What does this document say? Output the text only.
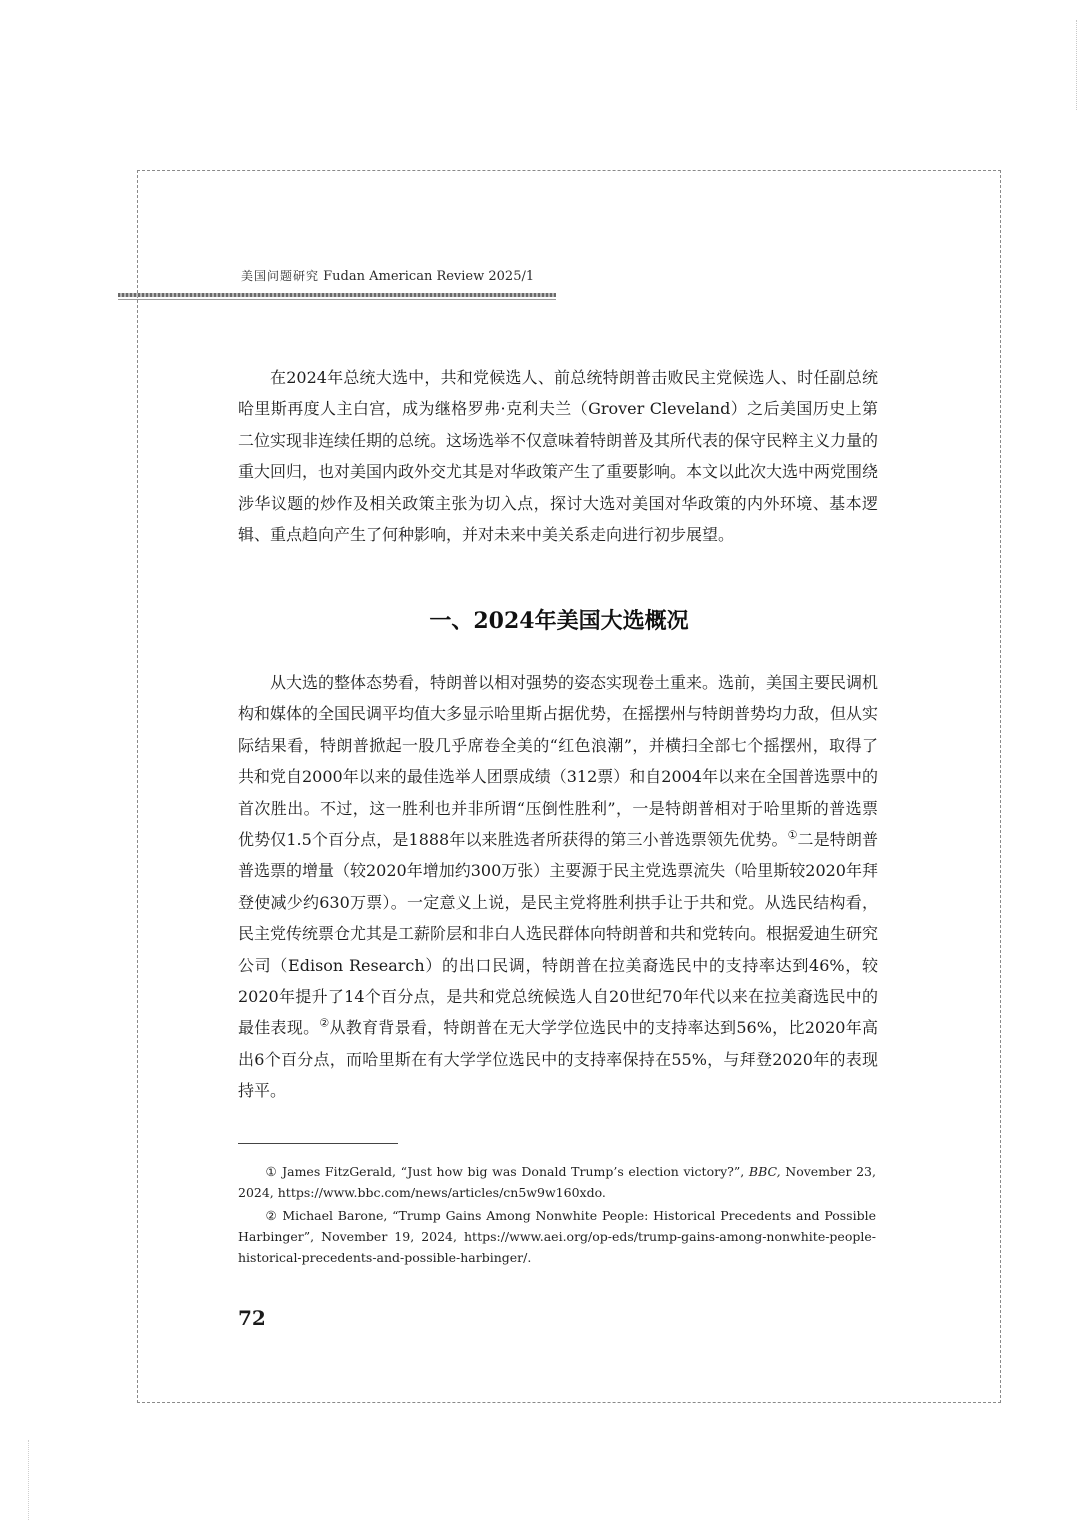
美国问题研究 Fudan American Review 2025/1

在2024年总统大选中，共和党候选人、前总统特朗普击败民主党候选人、时任副总统哈里斯再度人主白宫，成为继格罗弗·克利夫兰（Grover Cleveland）之后美国历史上第二位实现非连续任期的总统。这场选举不仅意味着特朗普及其所代表的保守民粹主义力量的重大回归，也对美国内政外交尤其是对华政策产生了重要影响。本文以此次大选中两党围绕涉华议题的炒作及相关政策主张为切入点，探讨大选对美国对华政策的内外环境、基本逻辑、重点趋向产生了何种影响，并对未来中美关系走向进行初步展望。

一、2024年美国大选概况

从大选的整体态势看，特朗普以相对强势的姿态实现卷土重来。选前，美国主要民调机构和媒体的全国民调平均值大多显示哈里斯占据优势，在摇摆州与特朗普势均力敌，但从实际结果看，特朗普掀起一股几乎席卷全美的“红色浪潮”，并横扫全部七个摇摆州，取得了共和党自2000年以来的最佳选举人团票成绩（312票）和自2004年以来在全国普选票中的首次胜出。不过，这一胜利也并非所谓“压倒性胜利”，一是特朗普相对于哈里斯的普选票优势仅1.5个百分点，是1888年以来胜选者所获得的第三小普选票领先优势。①二是特朗普普选票的增量（较2020年增加约300万张）主要源于民主党选票流失（哈里斯较2020年拜登使减少约630万票）。一定意义上说，是民主党将胜利拱手让于共和党。从选民结构看，民主党传统票仓尤其是工薪阶层和非白人选民群体向特朗普和共和党转向。根据爱迪生研究公司（Edison Research）的出口民调，特朗普在拉美裔选民中的支持率达到46%，较2020年提升了14个百分点，是共和党总统候选人自20世纪70年代以来在拉美裔选民中的最佳表现。②从教育背景看，特朗普在无大学学位选民中的支持率达到56%，比2020年高出6个百分点，而哈里斯在有大学学位选民中的支持率保持在55%，与拜登2020年的表现持平。

① James FitzGerald, “Just how big was Donald Trump’s election victory?”, BBC, November 23, 2024, https://www.bbc.com/news/articles/cn5w9w160xdo.

② Michael Barone, “Trump Gains Among Nonwhite People: Historical Precedents and Possible Harbinger”, November 19, 2024, https://www.aei.org/op-eds/trump-gains-among-nonwhite-people-historical-precedents-and-possible-harbinger/.

72
